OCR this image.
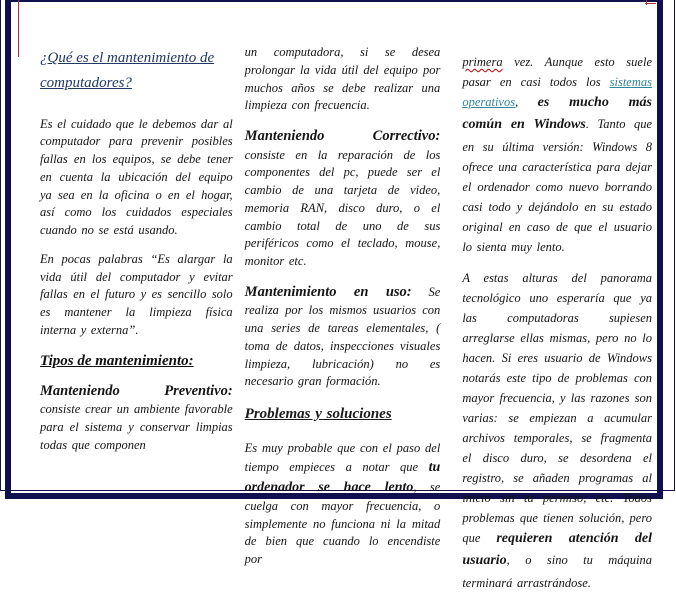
¿Qué es el mantenimiento de computadores?

Es el cuidado que le debemos dar al computador para prevenir posibles fallas en los equipos, se debe tener en cuenta la ubicación del equipo ya sea en la oficina o en el hogar, así como los cuidados especiales cuando no se está usando.

En pocas palabras “Es alargar la vida útil del computador y evitar fallas en el futuro y es sencillo solo es mantener la limpieza física interna y externa”.

Tipos de mantenimiento:

Manteniendo Preventivo: consiste crear un ambiente favorable para el sistema y conservar limpias todas que componen

un computadora, si se desea prolongar la vida útil del equipo por muchos años se debe realizar una limpieza con frecuencia.

Manteniendo Correctivo: consiste en la reparación de los componentes del pc, puede ser el cambio de una tarjeta de video, memoria RAN, disco duro, o el cambio total de uno de sus periféricos como el teclado, mouse, monitor etc.

Mantenimiento en uso: Se realiza por los mismos usuarios con una series de tareas elementales, ( toma de datos, inspecciones visuales limpieza, lubricación) no es necesario gran formación.

Problemas y soluciones

Es muy probable que con el paso del tiempo empieces a notar que tu ordenador se hace lento, se cuelga con mayor frecuencia, o simplemente no funciona ni la mitad de bien que cuando lo encendiste por

primera vez. Aunque esto suele pasar en casi todos los sistemas operativos, es mucho más común en Windows. Tanto que en su última versión: Windows 8 ofrece una característica para dejar el ordenador como nuevo borrando casi todo y dejándolo en su estado original en caso de que el usuario lo sienta muy lento.

A estas alturas del panorama tecnológico uno esperaría que ya las computadoras supiesen arreglarse ellas mismas, pero no lo hacen. Si eres usuario de Windows notarás este tipo de problemas con mayor frecuencia, y las razones son varias: se empiezan a acumular archivos temporales, se fragmenta el disco duro, se desordena el registro, se añaden programas al inicio sin tu permiso, etc. Todos problemas que tienen solución, pero que requieren atención del usuario, o sino tu máquina terminará arrastrándose.
